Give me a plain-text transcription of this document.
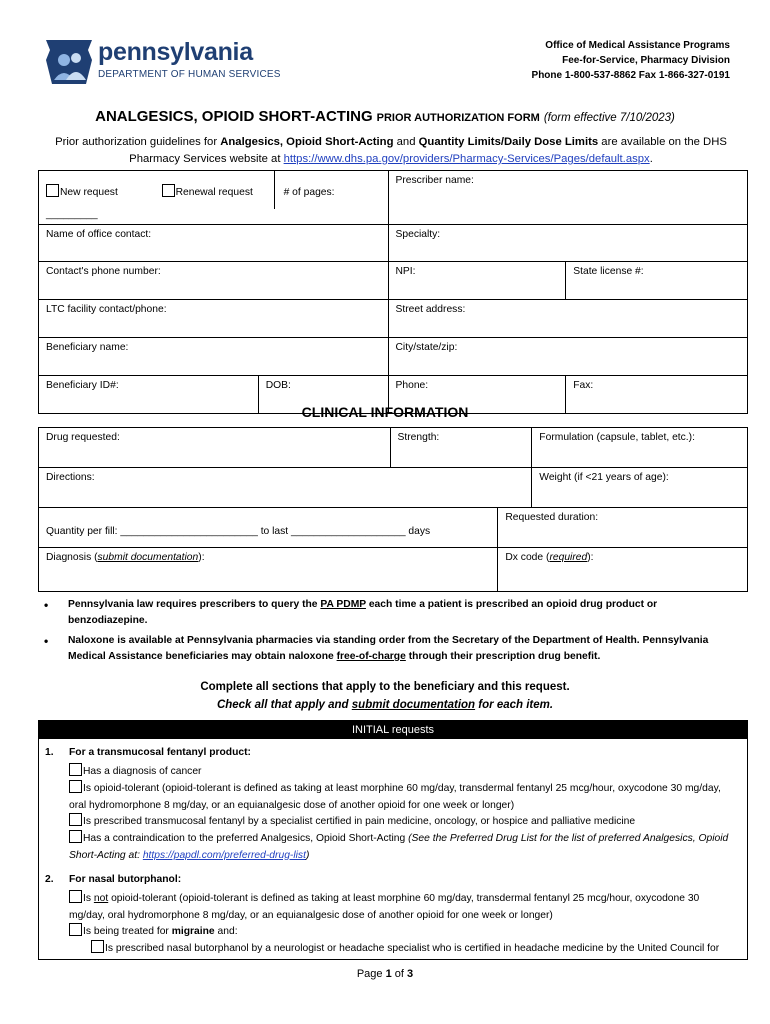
pennsylvania
DEPARTMENT OF HUMAN SERVICES
Office of Medical Assistance Programs
Fee-for-Service, Pharmacy Division
Phone 1-800-537-8862 Fax 1-866-327-0191
ANALGESICS, OPIOID SHORT-ACTING PRIOR AUTHORIZATION FORM (form effective 7/10/2023)
Prior authorization guidelines for Analgesics, Opioid Short-Acting and Quantity Limits/Daily Dose Limits are available on the DHS Pharmacy Services website at https://www.dhs.pa.gov/providers/Pharmacy-Services/Pages/default.aspx.
New request Renewal request # of pages: _________		Prescriber name:	
Name of office contact:		Specialty:	
Contact's phone number:		NPI:	State license #:
LTC facility contact/phone:		Street address:	
Beneficiary name:		City/state/zip:	
Beneficiary ID#:	DOB:	Phone:	Fax:
CLINICAL INFORMATION
Drug requested:	Strength:		Formulation (capsule, tablet, etc.):
Directions:			Weight (if <21 years of age):
Quantity per fill: ________________________ to last ____________________ days		Requested duration:	
Diagnosis (submit documentation):		Dx code (required):	
• Pennsylvania law requires prescribers to query the PA PDMP each time a patient is prescribed an opioid drug product or benzodiazepine.
• Naloxone is available at Pennsylvania pharmacies via standing order from the Secretary of the Department of Health. Pennsylvania Medical Assistance beneficiaries may obtain naloxone free-of-charge through their prescription drug benefit.
Complete all sections that apply to the beneficiary and this request.
Check all that apply and submit documentation for each item.
INITIAL requests
1. For a transmucosal fentanyl product:
Has a diagnosis of cancer
Is opioid-tolerant (opioid-tolerant is defined as taking at least morphine 60 mg/day, transdermal fentanyl 25 mcg/hour, oxycodone 30 mg/day, oral hydromorphone 8 mg/day, or an equianalgesic dose of another opioid for one week or longer)
Is prescribed transmucosal fentanyl by a specialist certified in pain medicine, oncology, or hospice and palliative medicine
Has a contraindication to the preferred Analgesics, Opioid Short-Acting (See the Preferred Drug List for the list of preferred Analgesics, Opioid Short-Acting at: https://papdl.com/preferred-drug-list)
2. For nasal butorphanol:
Is not opioid-tolerant (opioid-tolerant is defined as taking at least morphine 60 mg/day, transdermal fentanyl 25 mcg/hour, oxycodone 30 mg/day, oral hydromorphone 8 mg/day, or an equianalgesic dose of another opioid for one week or longer)
Is being treated for migraine and:
Is prescribed nasal butorphanol by a neurologist or headache specialist who is certified in headache medicine by the United Council for
Page 1 of 3
